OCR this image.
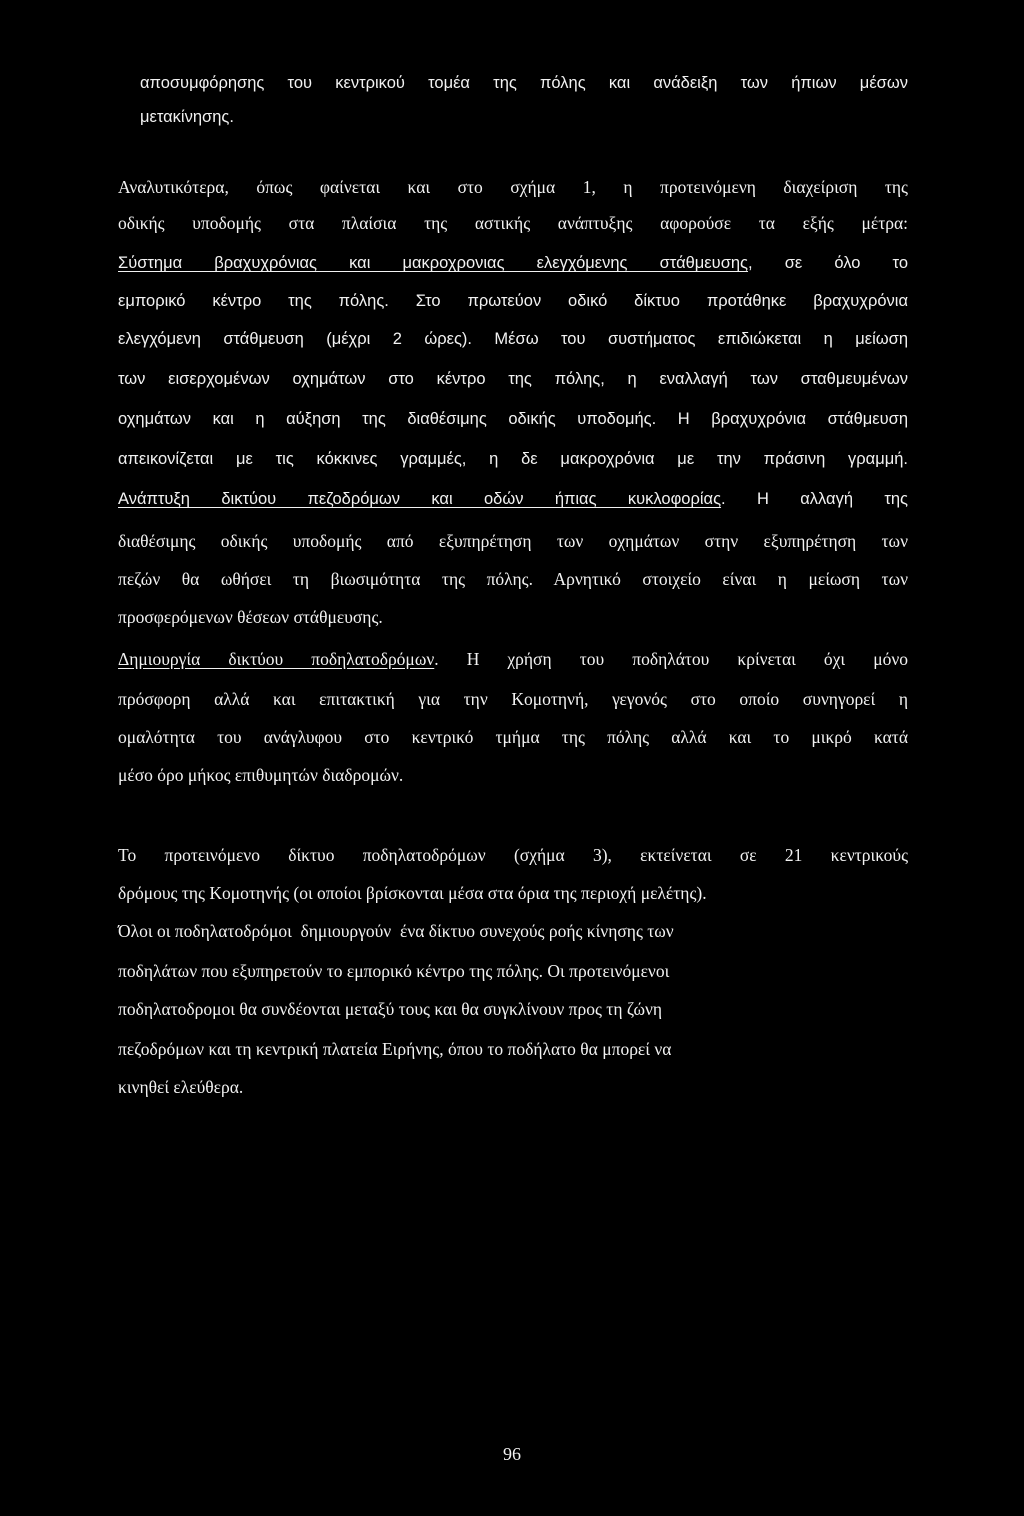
αποσυμφόρησης του κεντρικού τομέα της πόλης και ανάδειξη των ήπιων μέσων
μετακίνησης.
Αναλυτικότερα, όπως φαίνεται και στο σχήμα 1, η προτεινόμενη διαχείριση της
οδικής υποδομής στα πλαίσια της αστικής ανάπτυξης αφορούσε τα εξής μέτρα:
Σύστημα βραχυχρόνιας και μακροχρονιας ελεγχόμενης στάθμευσης, σε όλο το
εμπορικό κέντρο της πόλης. Στο πρωτεύον οδικό δίκτυο προτάθηκε βραχυχρόνια
ελεγχόμενη στάθμευση (μέχρι 2 ώρες). Μέσω του συστήματος επιδιώκεται η μείωση
των εισερχομένων οχημάτων στο κέντρο της πόλης, η εναλλαγή των σταθμευμένων
οχημάτων και η αύξηση της διαθέσιμης οδικής υποδομής. Η βραχυχρόνια στάθμευση
απεικονίζεται με τις κόκκινες γραμμές, η δε μακροχρόνια με την πράσινη γραμμή.
Ανάπτυξη δικτύου πεζοδρόμων και οδών ήπιας κυκλοφορίας. Η αλλαγή της
διαθέσιμης οδικής υποδομής από εξυπηρέτηση των οχημάτων στην εξυπηρέτηση των
πεζών θα ωθήσει τη βιωσιμότητα της πόλης. Αρνητικό στοιχείο είναι η μείωση των
προσφερόμενων θέσεων στάθμευσης.
Δημιουργία δικτύου ποδηλατοδρόμων. Η χρήση του ποδηλάτου κρίνεται όχι μόνο
πρόσφορη αλλά και επιτακτική για την Κομοτηνή, γεγονός στο οποίο συνηγορεί η
ομαλότητα του ανάγλυφου στο κεντρικό τμήμα της πόλης αλλά και το μικρό κατά
μέσο όρο μήκος επιθυμητών διαδρομών.
Το προτεινόμενο δίκτυο ποδηλατοδρόμων (σχήμα 3), εκτείνεται σε 21 κεντρικούς
δρόμους της Κομοτηνής (οι οποίοι βρίσκονται μέσα στα όρια της περιοχή μελέτης).
Όλοι οι ποδηλατοδρόμοι  δημιουργούν  ένα δίκτυο συνεχούς ροής κίνησης των
ποδηλάτων που εξυπηρετούν το εμπορικό κέντρο της πόλης. Οι προτεινόμενοι
ποδηλατοδρομοι θα συνδέονται μεταξύ τους και θα συγκλίνουν προς τη ζώνη
πεζοδρόμων και τη κεντρική πλατεία Ειρήνης, όπου το ποδήλατο θα μπορεί να
κινηθεί ελεύθερα.
96
